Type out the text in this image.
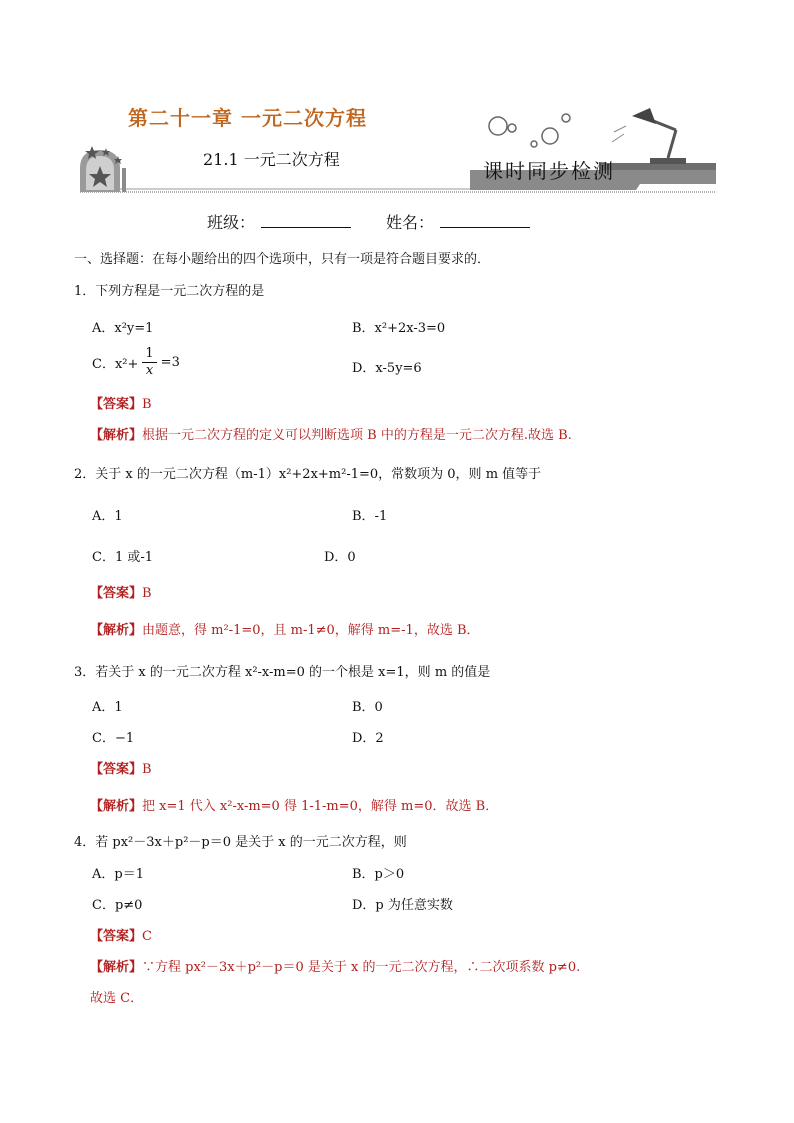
第二十一章 一元二次方程
21.1 一元二次方程	课时同步检测
班级：	姓名：
一、选择题：在每小题给出的四个选项中，只有一项是符合题目要求的．
1．下列方程是一元二次方程的是
A．x²y=1	B．x²+2x-3=0
C．$x^2+ \frac{1}{x} =3$	D．x-5y=6
【答案】B
【解析】根据一元二次方程的定义可以判断选项 B 中的方程是一元二次方程.故选 B.
2．关于 x 的一元二次方程（m-1）x²+2x+m²-1=0，常数项为 0，则 m 值等于
A．1	B．-1
C．1 或-1	D．0
【答案】B
【解析】由题意，得 m²-1=0，且 m-1≠0，解得 m=-1，故选 B．
3．若关于 x 的一元二次方程 x²-x-m=0 的一个根是 x=1，则 m 的值是
A．1	B．0
C．−1	D．2
【答案】B
【解析】把 x=1 代入 x²-x-m=0 得 1-1-m=0，解得 m=0．故选 B．
4．若 px²－3x＋p²－p＝0 是关于 x 的一元二次方程，则
A．p＝1	B．p＞0
C．p≠0	D．p 为任意实数
【答案】C
【解析】∵方程 px²－3x＋p²－p＝0 是关于 x 的一元二次方程，∴二次项系数 p≠0.
故选 C．
